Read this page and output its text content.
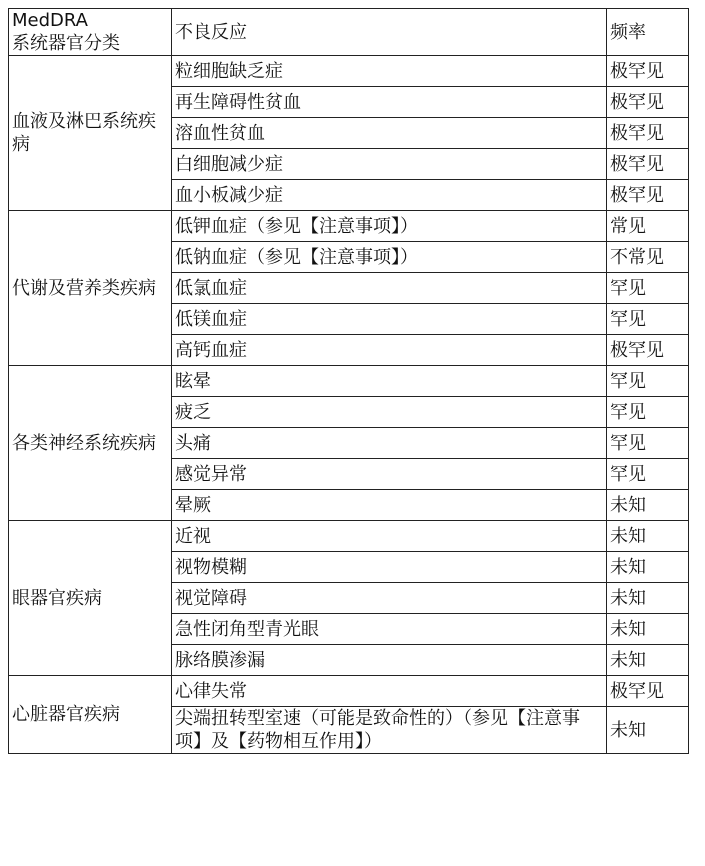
MedDRA
系统器官分类	不良反应	频率
血液及淋巴系统疾病	粒细胞缺乏症	极罕见
	再生障碍性贫血	极罕见
	溶血性贫血	极罕见
	白细胞减少症	极罕见
	血小板减少症	极罕见
代谢及营养类疾病	低钾血症（参见【注意事项】）	常见
	低钠血症（参见【注意事项】）	不常见
	低氯血症	罕见
	低镁血症	罕见
	高钙血症	极罕见
各类神经系统疾病	眩晕	罕见
	疲乏	罕见
	头痛	罕见
	感觉异常	罕见
	晕厥	未知
眼器官疾病	近视	未知
	视物模糊	未知
	视觉障碍	未知
	急性闭角型青光眼	未知
	脉络膜渗漏	未知
心脏器官疾病	心律失常	极罕见
	尖端扭转型室速（可能是致命性的）（参见【注意事项】及【药物相互作用】）	未知
